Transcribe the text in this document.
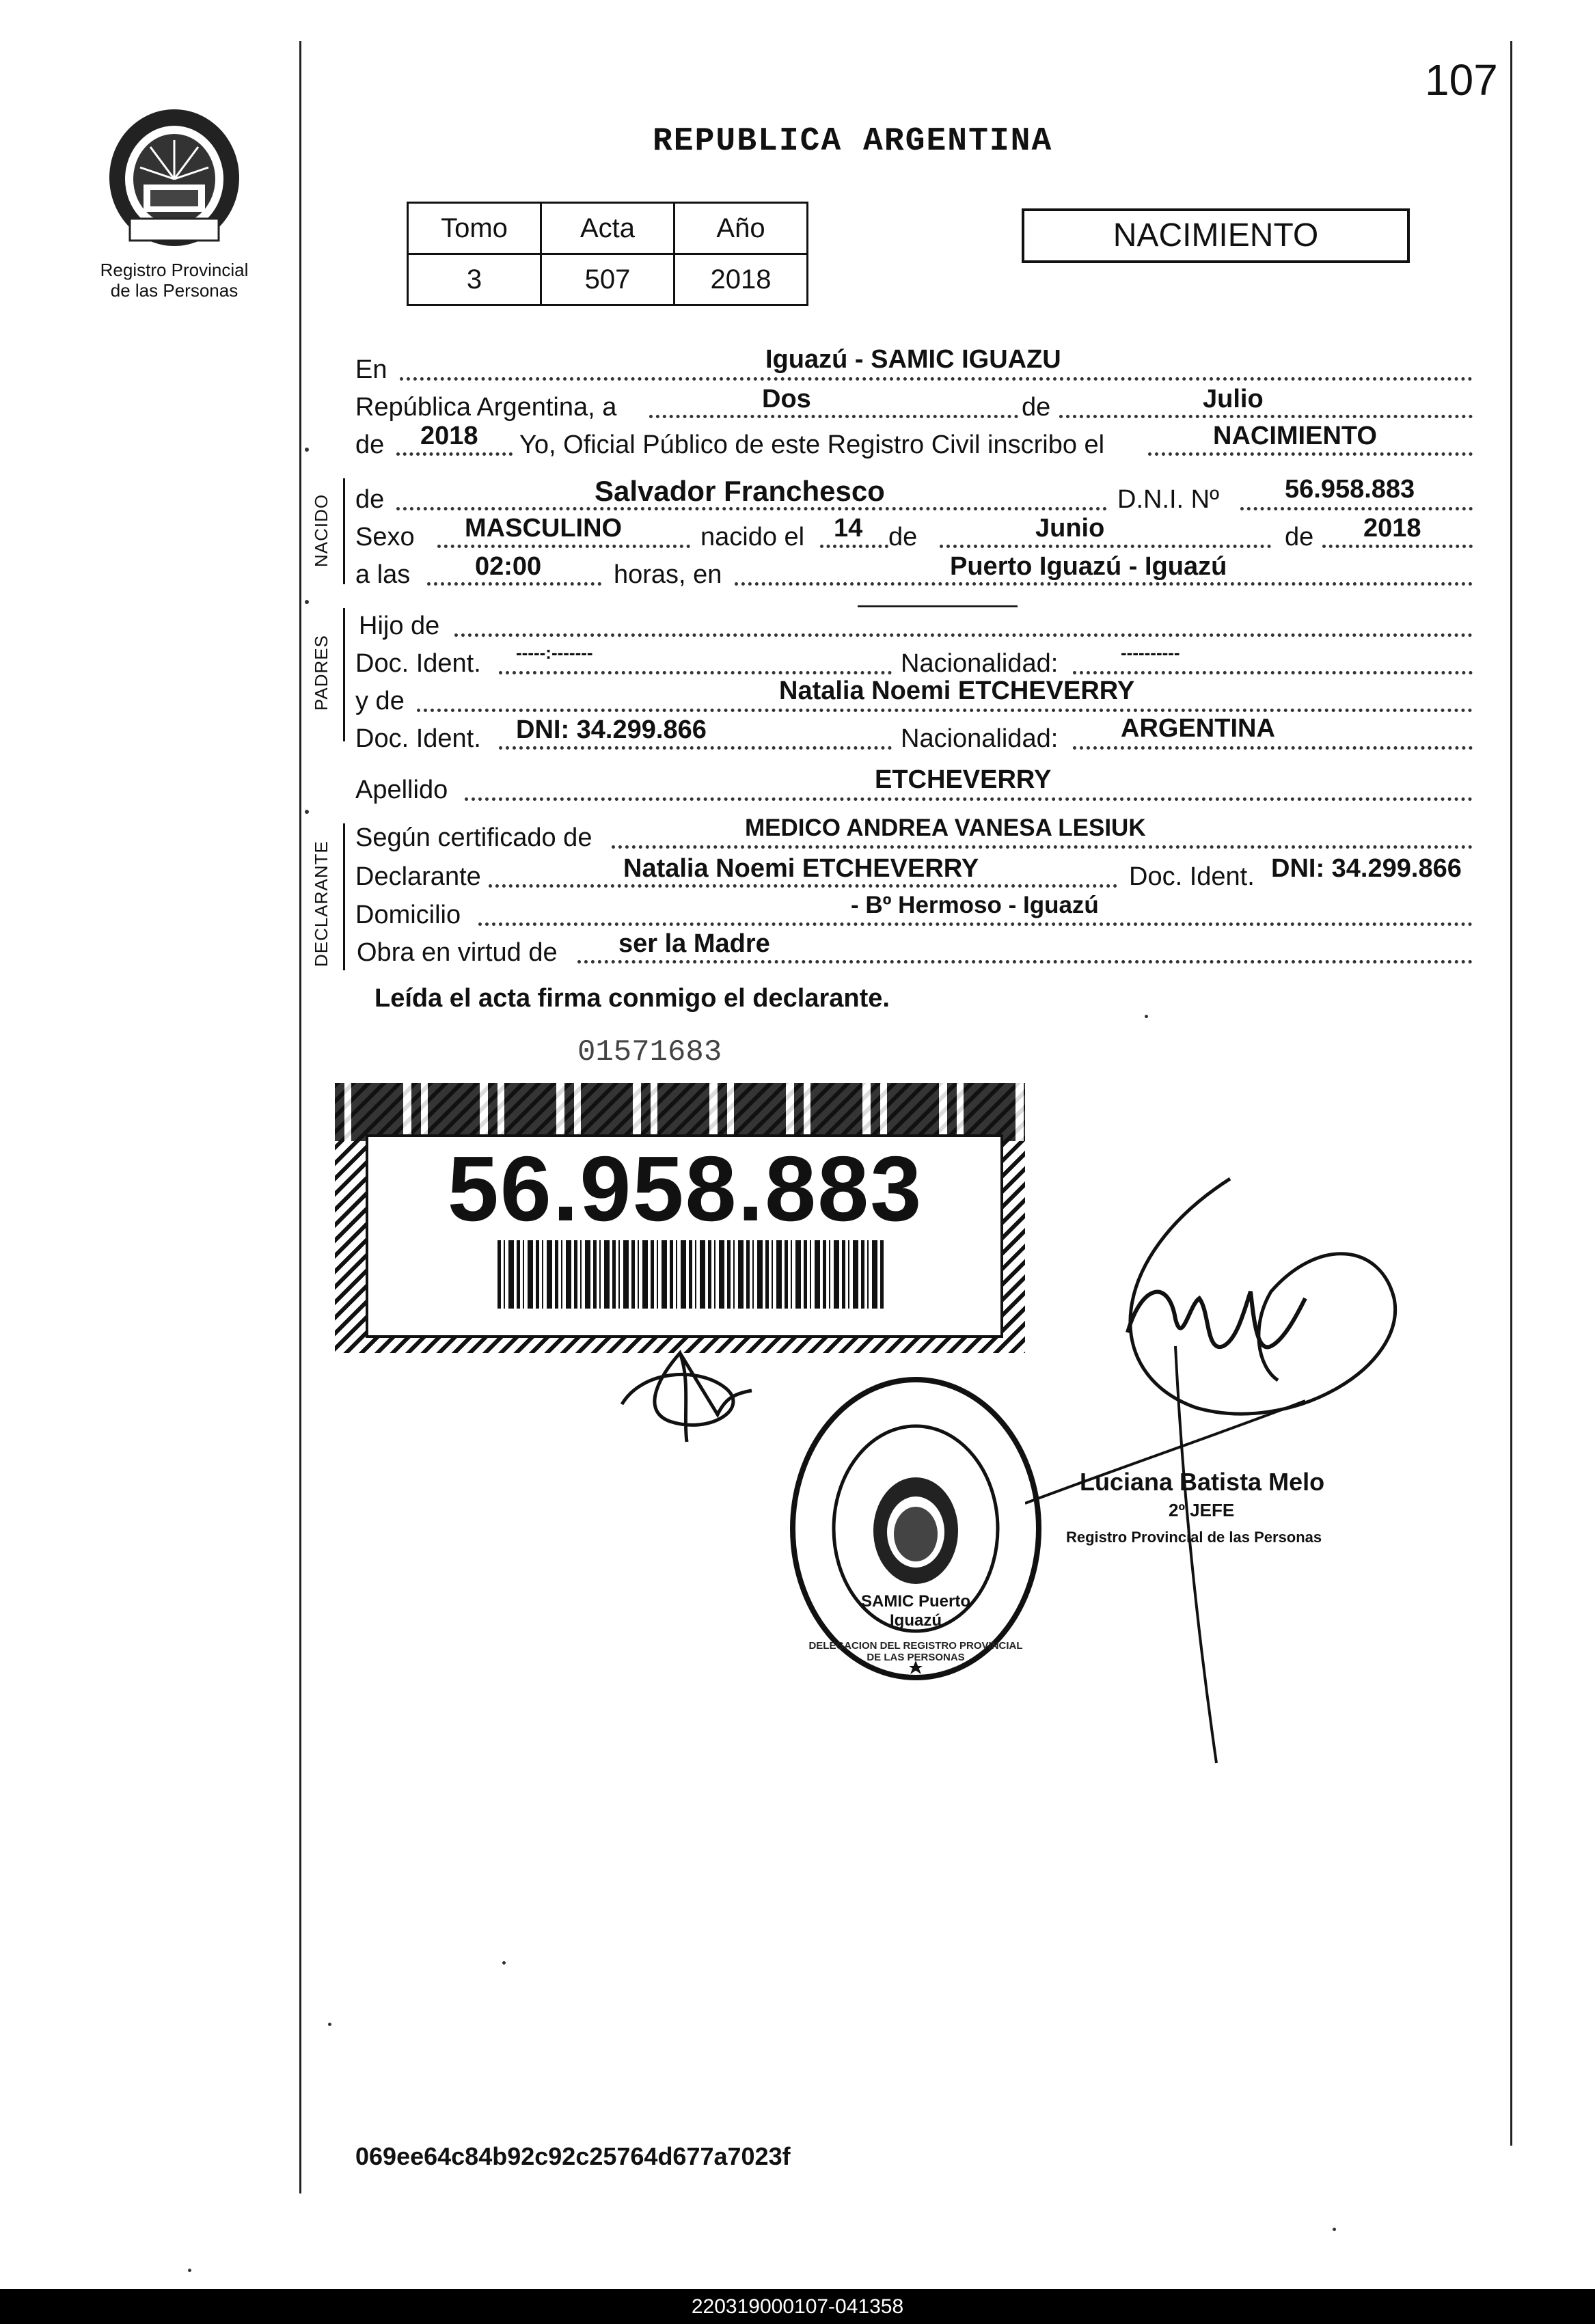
107
Registro Provincial
de las Personas
REPUBLICA ARGENTINA
Tomo	Acta	Año
3	507	2018
NACIMIENTO
En	Iguazú - SAMIC IGUAZU
República Argentina, a	Dos	de	Julio
de 2018 Yo, Oficial Público de este Registro Civil inscribo el	NACIMIENTO
NACIDO de	Salvador Franchesco	D.N.I. Nº	56.958.883
Sexo MASCULINO	nacido el 14 de	Junio	de 2018
a las 02:00	horas, en	Puerto Iguazú - Iguazú
PADRES
Hijo de
—————————
Doc. Ident. -----:-------	Nacionalidad:	----------
y de	Natalia Noemi ETCHEVERRY
Doc. Ident. DNI: 34.299.866	Nacionalidad: ARGENTINA
Apellido	ETCHEVERRY
DECLARANTE
Según certificado de	MEDICO ANDREA VANESA LESIUK
Declarante	Natalia Noemi ETCHEVERRY	Doc. Ident. DNI: 34.299.866
Domicilio	- Bº Hermoso - Iguazú
Obra en virtud de ser la Madre
Leída el acta firma conmigo el declarante.
01571683
56.958.883
DELEGACION DEL REGISTRO PROVINCIAL DE LAS PERSONAS
SAMIC Puerto Iguazú
Luciana Batista Melo
2º JEFE
Registro Provincial de las Personas
069ee64c84b92c92c25764d677a7023f
220319000107-041358
